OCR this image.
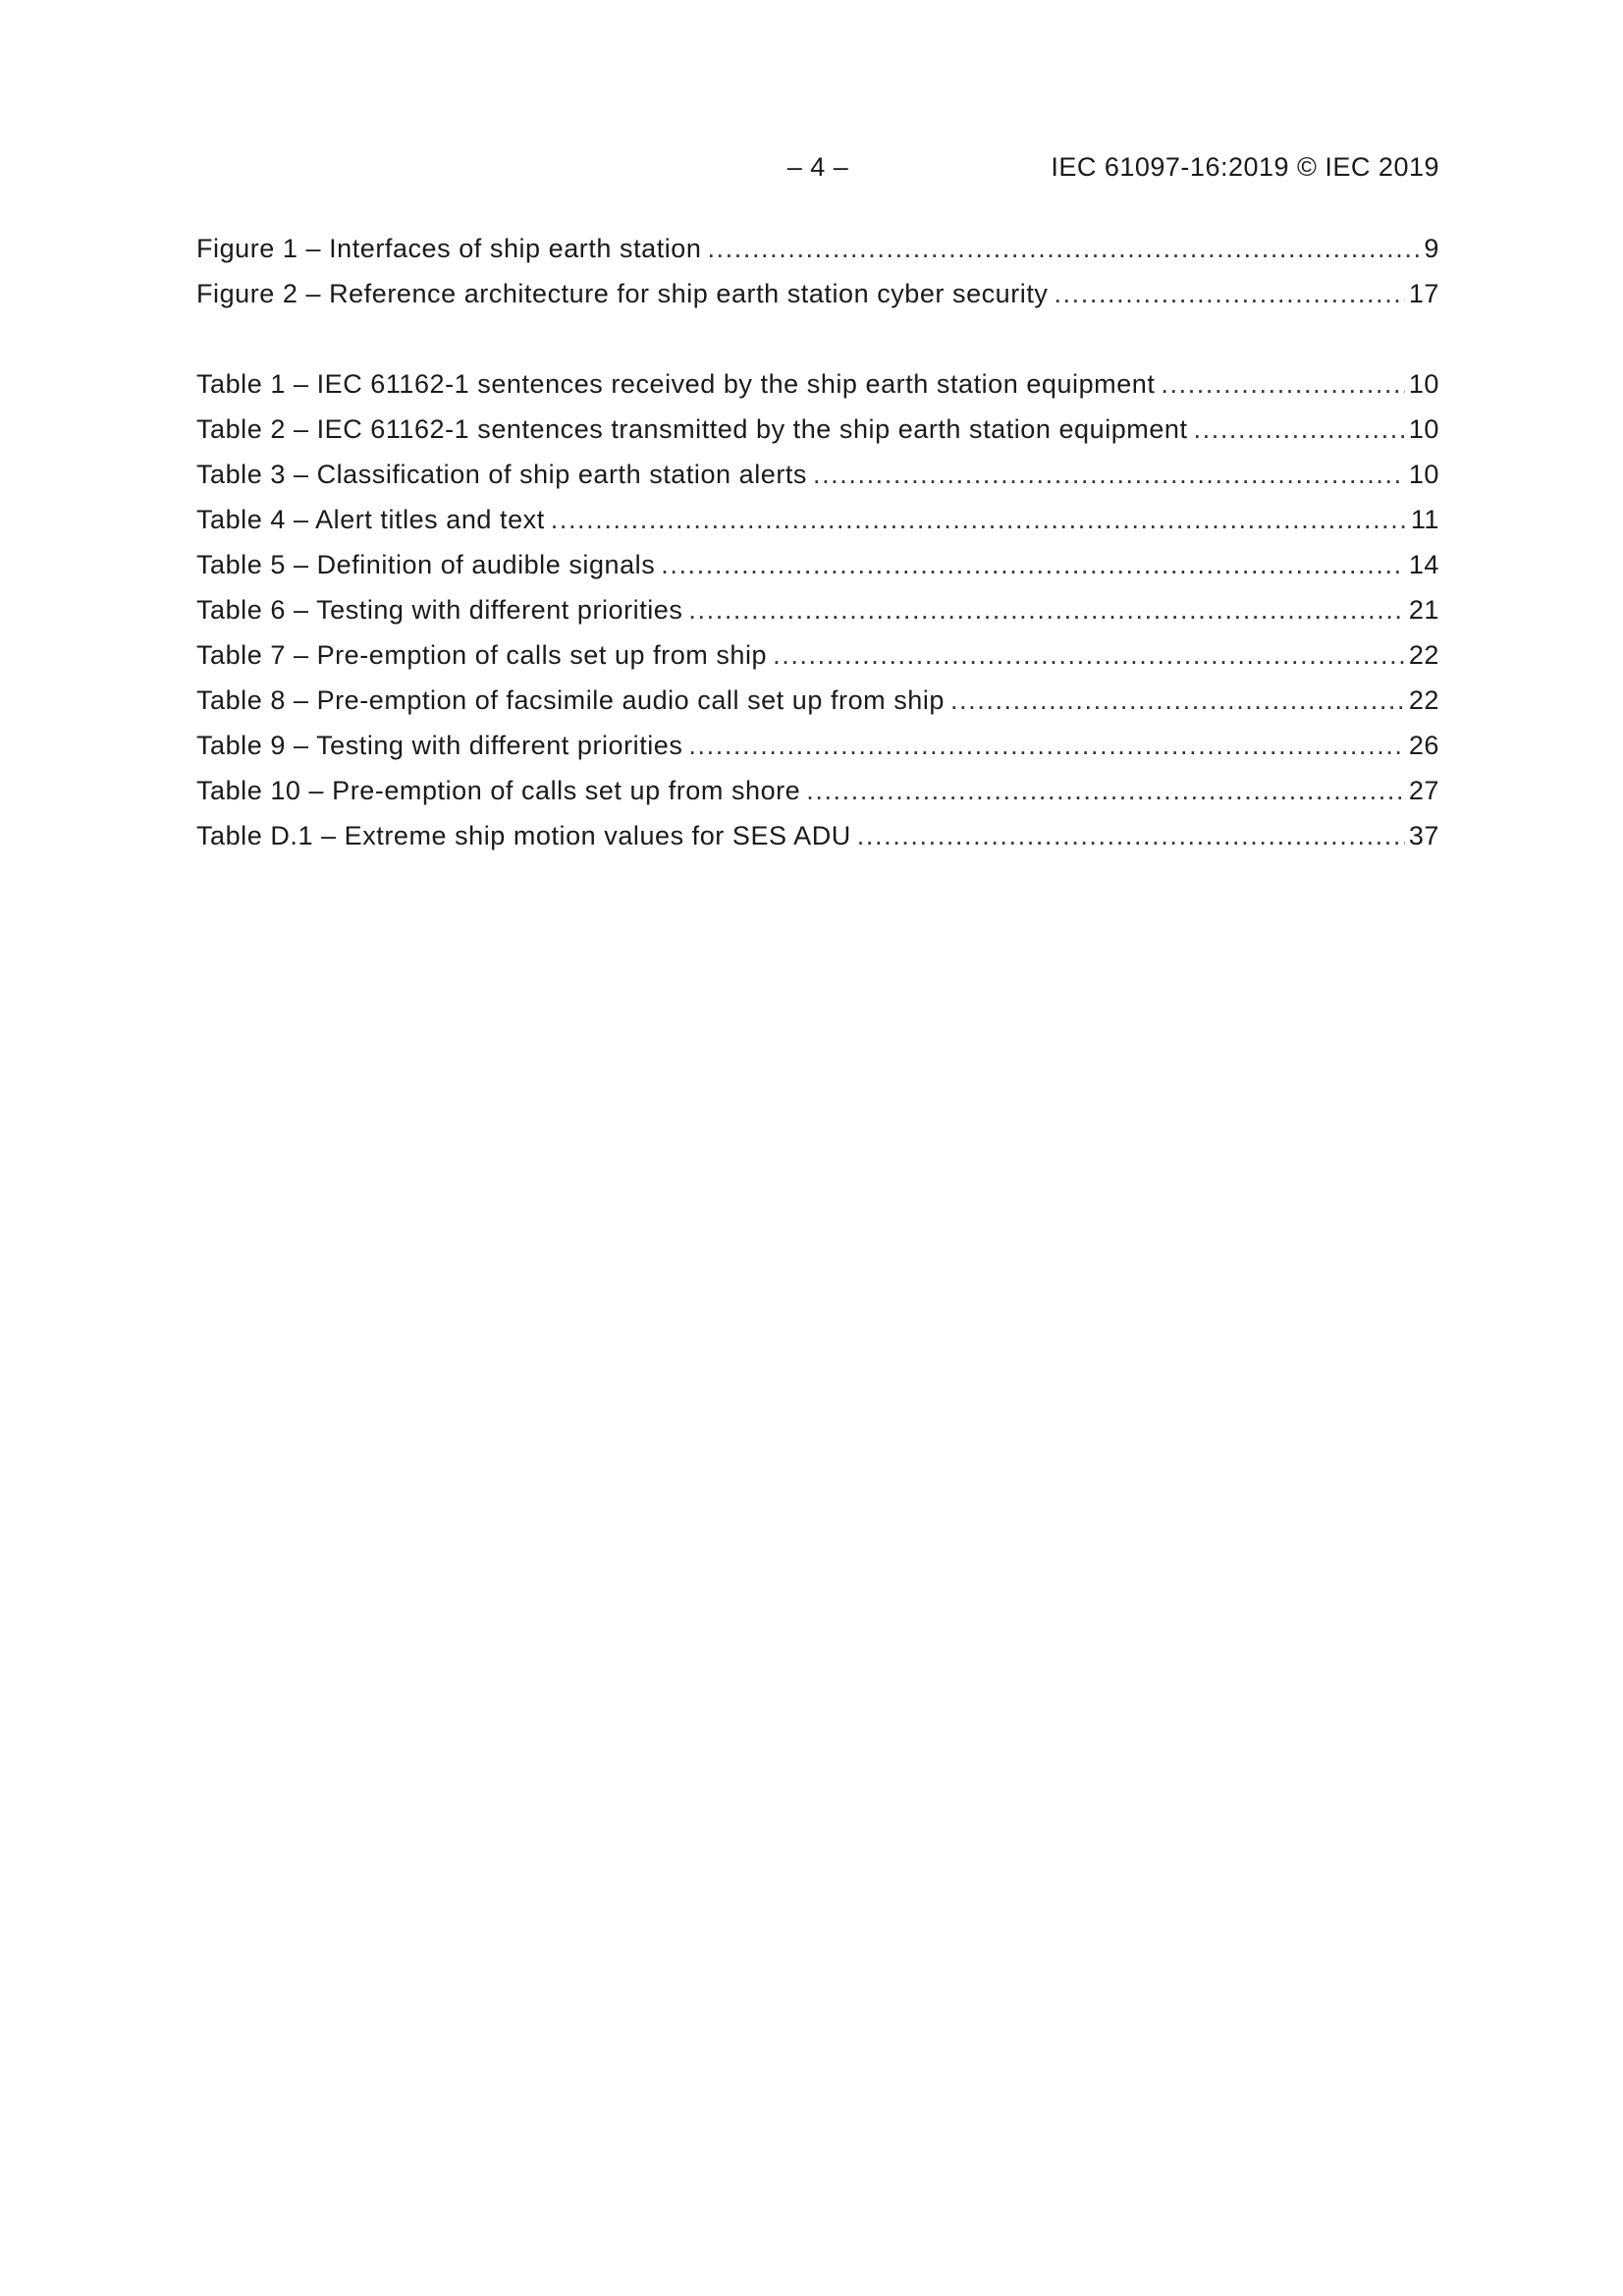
– 4 –	IEC 61097-16:2019 © IEC 2019
Figure 1 – Interfaces of ship earth station .....	9
Figure 2 – Reference architecture for ship earth station cyber security .....	17
Table 1 – IEC 61162-1 sentences received by the ship earth station equipment .....	10
Table 2 – IEC 61162-1 sentences transmitted by the ship earth station equipment .....	10
Table 3 – Classification of ship earth station alerts .....	10
Table 4 – Alert titles and text .....	11
Table 5 – Definition of audible signals .....	14
Table 6 – Testing with different priorities .....	21
Table 7 – Pre-emption of calls set up from ship .....	22
Table 8 – Pre-emption of facsimile audio call set up from ship .....	22
Table 9 – Testing with different priorities .....	26
Table 10 – Pre-emption of calls set up from shore .....	27
Table D.1 – Extreme ship motion values for SES ADU .....	37
